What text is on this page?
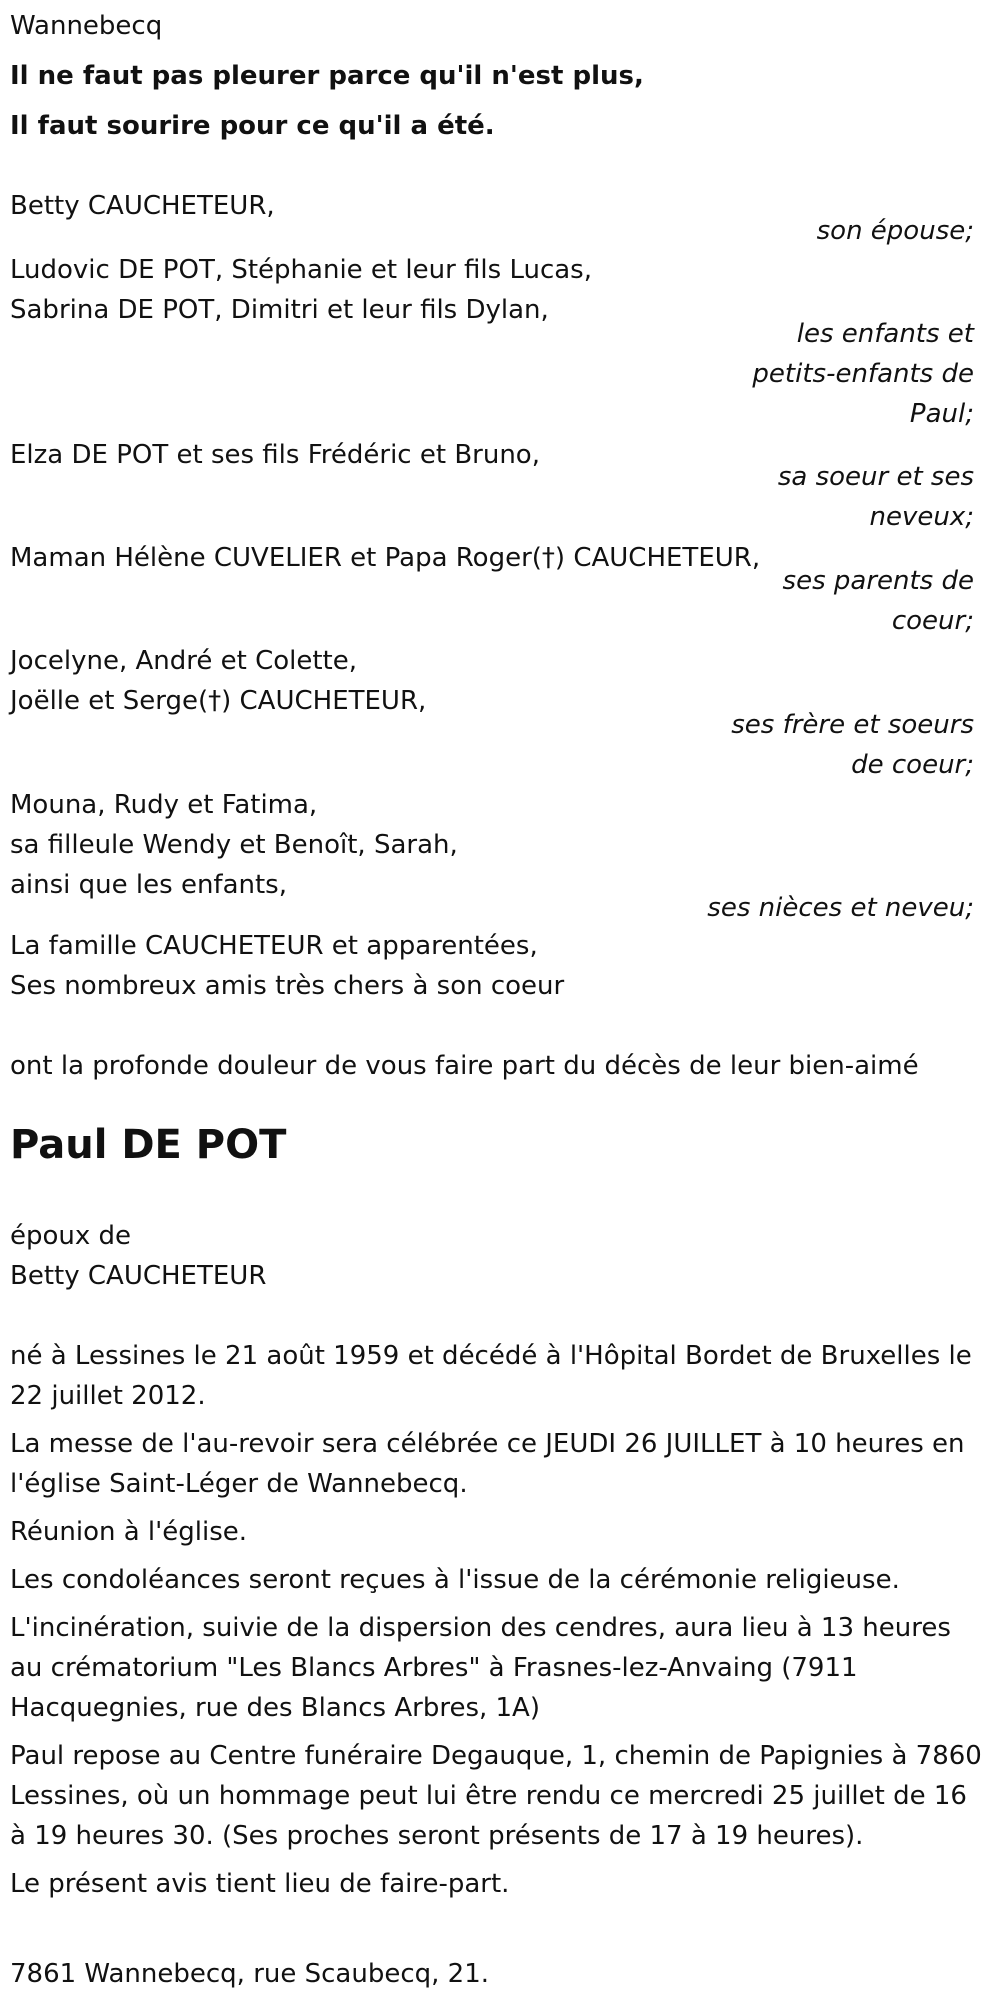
Wannebecq
Il ne faut pas pleurer parce qu'il n'est plus,
Il faut sourire pour ce qu'il a été.
Betty CAUCHETEUR,
son épouse;
Ludovic DE POT, Stéphanie et leur fils Lucas,
Sabrina DE POT, Dimitri et leur fils Dylan,
les enfants et
petits-enfants de
Paul;
Elza DE POT et ses fils Frédéric et Bruno,
sa soeur et ses
neveux;
Maman Hélène CUVELIER et Papa Roger(†) CAUCHETEUR,
ses parents de
coeur;
Jocelyne, André et Colette,
Joëlle et Serge(†) CAUCHETEUR,
ses frère et soeurs
de coeur;
Mouna, Rudy et Fatima,
sa filleule Wendy et Benoît, Sarah,
ainsi que les enfants,
ses nièces et neveu;
La famille CAUCHETEUR et apparentées,
Ses nombreux amis très chers à son coeur
ont la profonde douleur de vous faire part du décès de leur bien-aimé
Paul DE POT
époux de
Betty CAUCHETEUR

né à Lessines le 21 août 1959 et décédé à l'Hôpital Bordet de Bruxelles le 22 juillet 2012.

La messe de l'au-revoir sera célébrée ce JEUDI 26 JUILLET à 10 heures en l'église Saint-Léger de Wannebecq.

Réunion à l'église.

Les condoléances seront reçues à l'issue de la cérémonie religieuse.

L'incinération, suivie de la dispersion des cendres, aura lieu à 13 heures au crématorium "Les Blancs Arbres" à Frasnes-lez-Anvaing (7911 Hacquegnies, rue des Blancs Arbres, 1A)

Paul repose au Centre funéraire Degauque, 1, chemin de Papignies à 7860 Lessines, où un hommage peut lui être rendu ce mercredi 25 juillet de 16 à 19 heures 30. (Ses proches seront présents de 17 à 19 heures).

Le présent avis tient lieu de faire-part.

7861 Wannebecq, rue Scaubecq, 21.
